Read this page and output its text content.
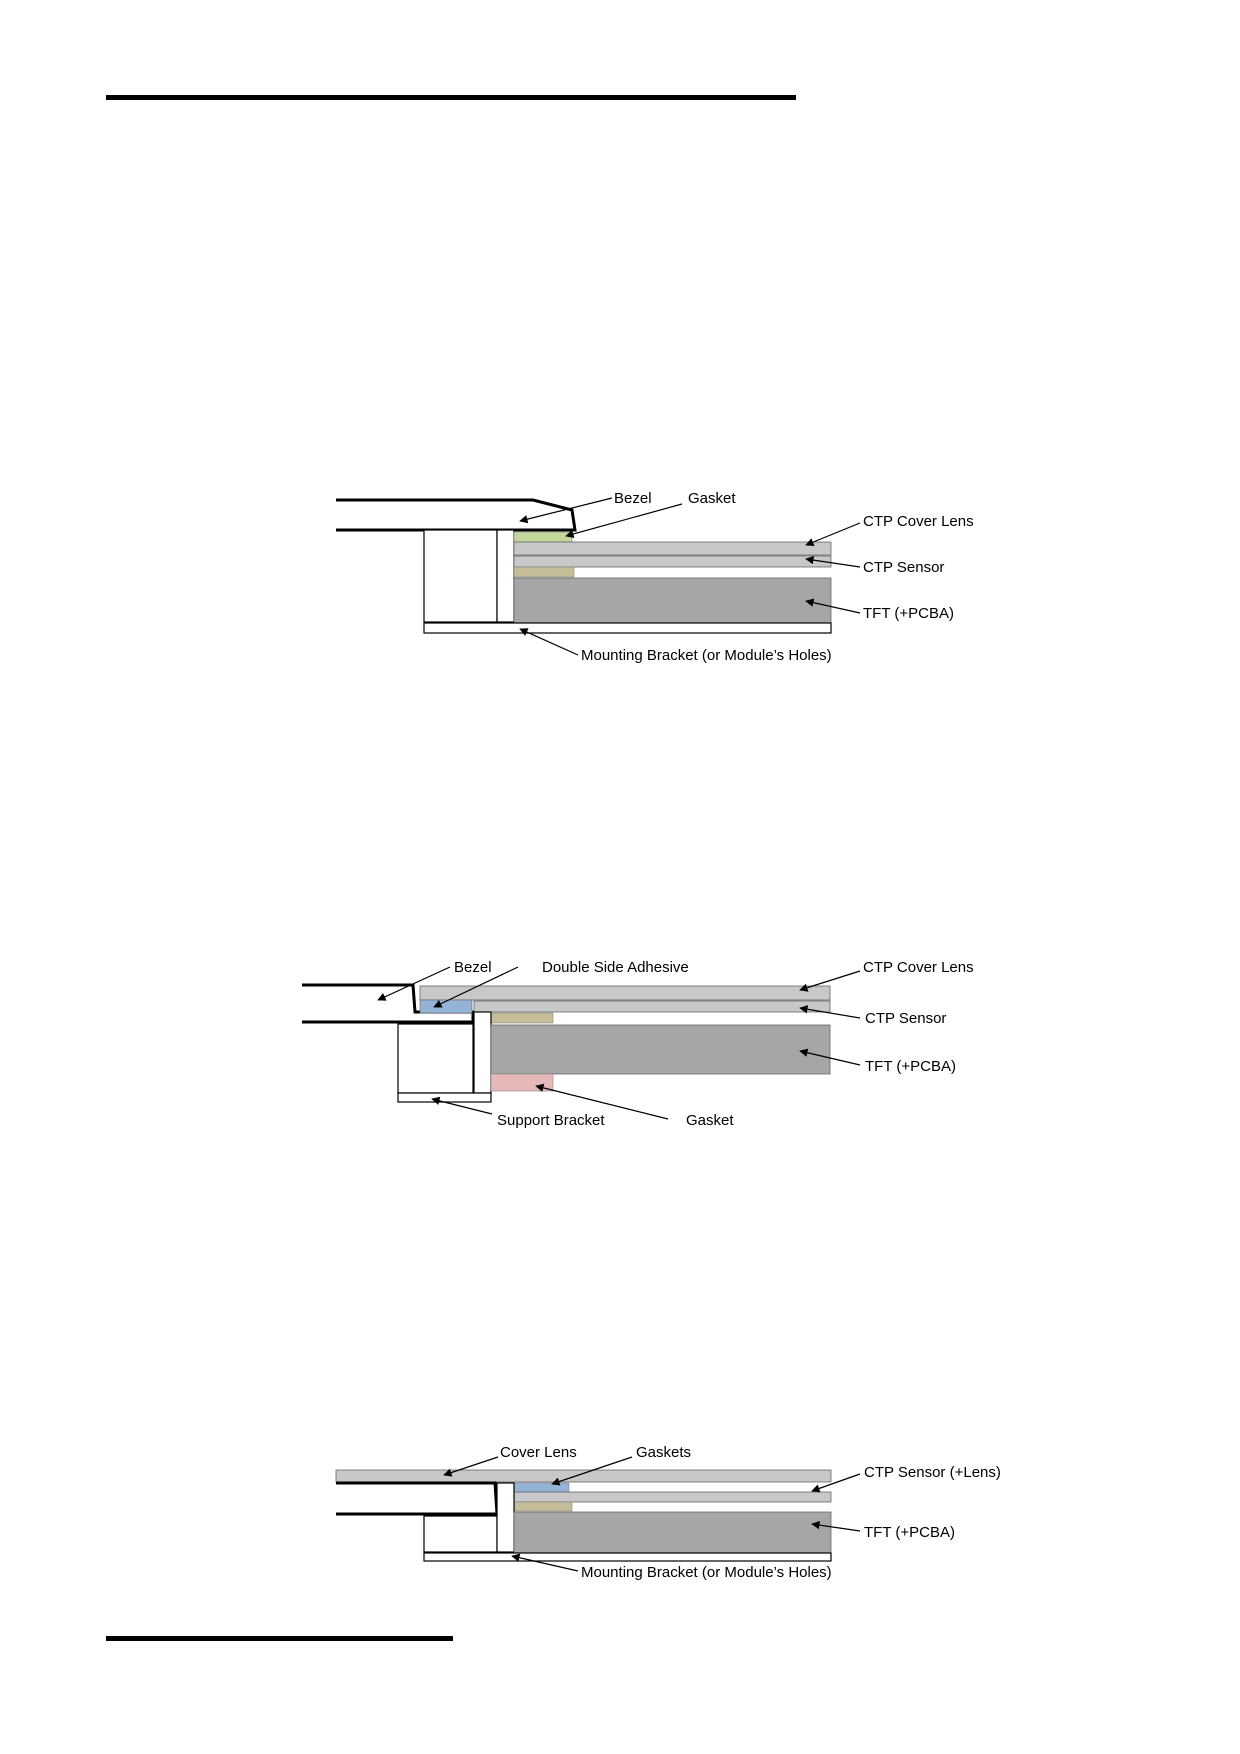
Bezel Gasket
CTP Cover Lens
CTP Sensor
TFT (+PCBA)
Mounting Bracket (or Module’s Holes)
Bezel	Double Side Adhesive	CTP Cover Lens
CTP Sensor
TFT (+PCBA)
Support Bracket	Gasket
Cover Lens	Gaskets
CTP Sensor (+Lens)
TFT (+PCBA)
Mounting Bracket (or Module’s Holes)
